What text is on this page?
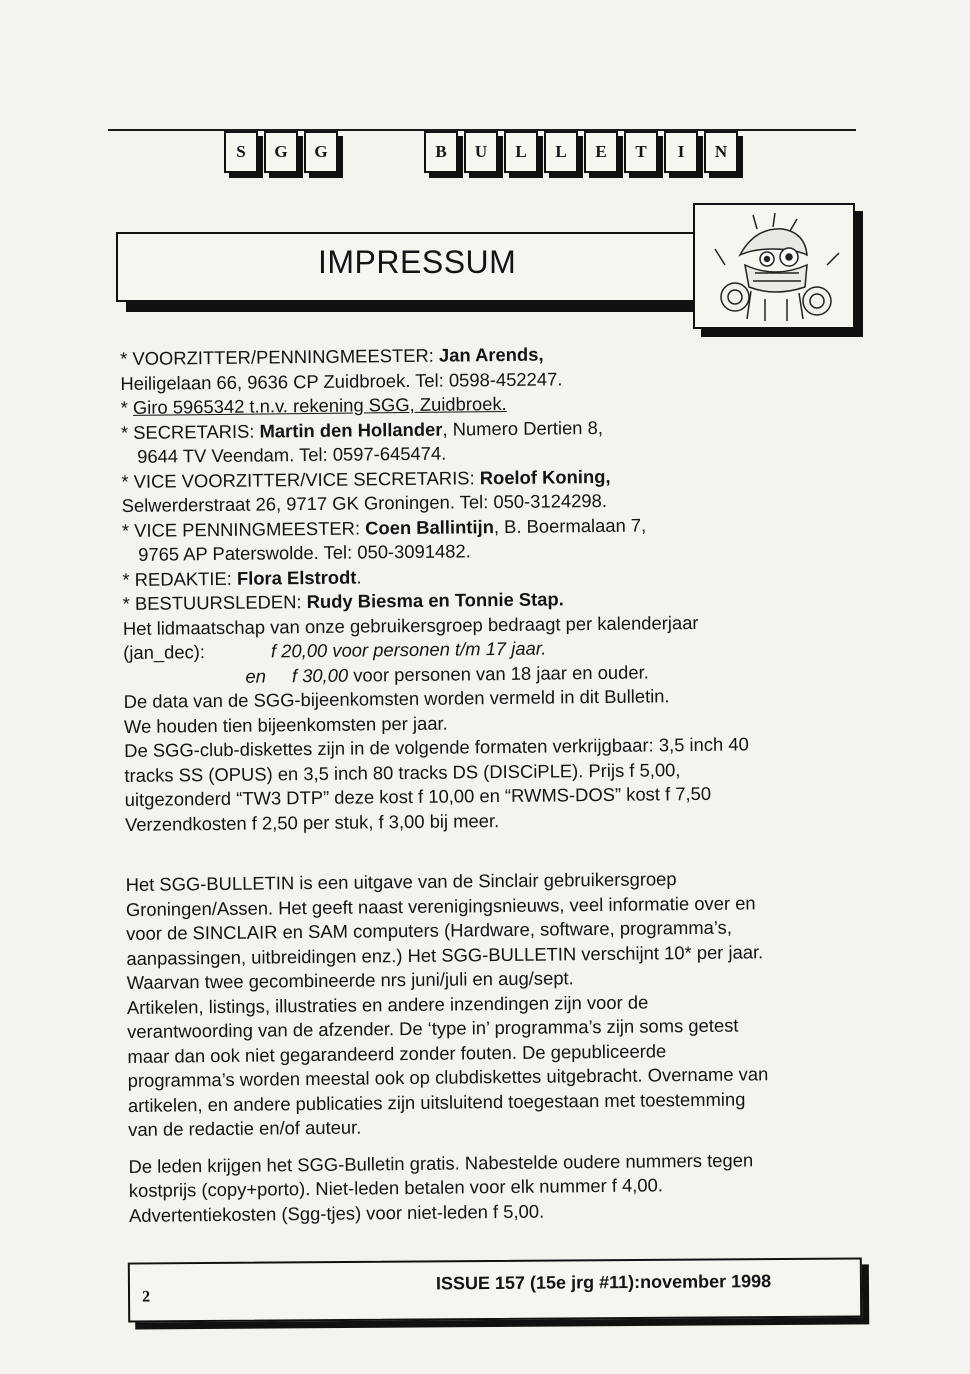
S	G	G	B	U	L	L	E	T	I	N
IMPRESSUM

* VOORZITTER/PENNINGMEESTER: Jan Arends,

Heiligelaan 66, 9636 CP Zuidbroek. Tel: 0598-452247.

* Giro 5965342 t.n.v. rekening SGG, Zuidbroek.

* SECRETARIS: Martin den Hollander, Numero Dertien 8,

9644 TV Veendam. Tel: 0597-645474.

* VICE VOORZITTER/VICE SECRETARIS: Roelof Koning,

Selwerderstraat 26, 9717 GK Groningen. Tel: 050-3124298.

* VICE PENNINGMEESTER: Coen Ballintijn, B. Boermalaan 7,

9765 AP Paterswolde. Tel: 050-3091482.

* REDAKTIE: Flora Elstrodt.

* BESTUURSLEDEN: Rudy Biesma en Tonnie Stap.

Het lidmaatschap van onze gebruikersgroep bedraagt per kalenderjaar

(jan_dec):	f 20,00 voor personen t/m 17 jaar.

en f 30,00 voor personen van 18 jaar en ouder.

De data van de SGG-bijeenkomsten worden vermeld in dit Bulletin.

We houden tien bijeenkomsten per jaar.

De SGG-club-diskettes zijn in de volgende formaten verkrijgbaar: 3,5 inch 40

tracks SS (OPUS) en 3,5 inch 80 tracks DS (DISCiPLE). Prijs f 5,00,

uitgezonderd “TW3 DTP” deze kost f 10,00 en “RWMS-DOS” kost f 7,50

Verzendkosten f 2,50 per stuk, f 3,00 bij meer.

Het SGG-BULLETIN is een uitgave van de Sinclair gebruikersgroep

Groningen/Assen. Het geeft naast verenigingsnieuws, veel informatie over en

voor de SINCLAIR en SAM computers (Hardware, software, programma’s,

aanpassingen, uitbreidingen enz.) Het SGG-BULLETIN verschijnt 10* per jaar.

Waarvan twee gecombineerde nrs juni/juli en aug/sept.

Artikelen, listings, illustraties en andere inzendingen zijn voor de

verantwoording van de afzender. De ‘type in’ programma’s zijn soms getest

maar dan ook niet gegarandeerd zonder fouten. De gepubliceerde

programma’s worden meestal ook op clubdiskettes uitgebracht. Overname van

artikelen, en andere publicaties zijn uitsluitend toegestaan met toestemming

van de redactie en/of auteur.

De leden krijgen het SGG-Bulletin gratis. Nabestelde oudere nummers tegen

kostprijs (copy+porto). Niet-leden betalen voor elk nummer f 4,00.

Advertentiekosten (Sgg-tjes) voor niet-leden f 5,00.

2
ISSUE 157 (15e jrg #11):november 1998
